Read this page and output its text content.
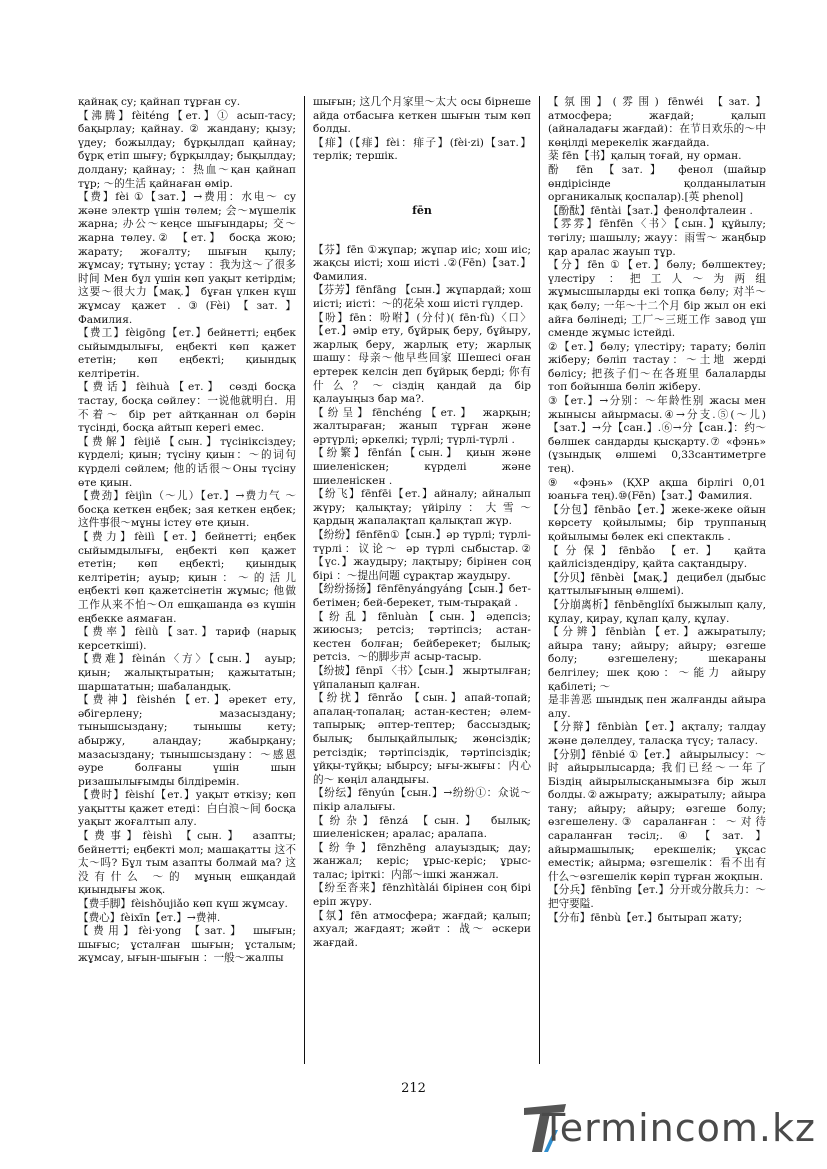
қайнақ су; қайнап тұрған су.

【沸腾】fèiténg【ет.】① асып-тасу; бақырлау; қайнау. ② жандану; қызу; үдеу; божылдау; бұрқылдап қайнау; бұрқ етіп шығу; бұрқылдау; бықылдау; долдану; қайнау; ：热血～қан қайнап тұр; ～的生活 қайнаған өмір.

【费】fèi ①【зат.】→费用：水电～ су және электр үшін төлем; 会～мүшелік жарна; 办公～кеңсе шығындары; 交～жарна төлеу.② 【ет.】 босқа жою; жарату; жоғалту; шығын қылу; жұмсау; тұтыну; ұстау ：我为这～了很多时间 Мен бұл үшін көп уақыт кетірдім; 这要～很大力【мақ.】 бұған үлкен күш жұмсау қажет .③(Fèi)【зат.】Фамилия.

【费工】fèigōng【ет.】бейнетті; еңбек сыйымдылығы, еңбекті көп қажет ететін; көп еңбекті; қиындық келтіретін.

【费话】fèihuà【ет.】 сөзді босқа тастау, босқа сөйлеу：一说他就明白．用不着～ бір рет айтқаннан ол бәрін түсінді, босқа айтып керегі емес.

【费解】fèijiě【сын.】түсініксіздеу; күрделі; қиын; түсіну қиын：～的词句 күрделі сөйлем; 他的话很～Оны түсіну өте қиын.

【费劲】fèijìn（～儿）【ет.】→费力气 ～босқа кеткен еңбек; зая кеткен еңбек; 这件事很～мұны істеу өте қиын.

【费力】fèilì【ет.】бейнетті; еңбек сыйымдылығы, еңбекті көп қажет ететін; көп еңбекті; қиындық келтіретін; ауыр; қиын：～的活儿 еңбекті көп қажетсінетін жұмыс; 他做工作从来不怕～Ол ешқашанда өз күшін еңбекке аямаған.

【费率】fèilǜ【зат.】тариф (нарық керсеткіші).

【费难】fèinán〈方〉【сын.】 ауыр; қиын; жалықтыратын; қажытатын; шаршататын; шабаландық.

【费神】fèishén【ет.】әрекет ету, әбігерлену; мазасыздану; тынышсыздану; тынышы кету; абыржу, алаңдау; жабырқану; мазасыздану; тынышсыздану：～感恩 әуре болғаны үшін шын ризашылығымды білдіремін.

【费时】fèishí【ет.】уақыт өткізу; көп уақытты қажет етеді：白白浪～间 босқа уақыт жоғалтып алу.

【费事】fèishì 【сын.】 азапты; бейнетті; еңбекті мол; машақатты 这不太～吗? Бұл тым азапты болмай ма? 这没有什么 ～的 мұның ешқандай қиындығы жоқ.

【费手脚】fèishǒujiǎo көп күш жұмсау.

【费心】fèixīn【ет.】→费神.

【费用】fèi·yong 【зат.】 шығын; шығыс; ұсталған шығын; ұсталым; жұмсау, ығын-шығын ：一般～жалпы

шығын; 这几个月家里～太大 осы бірнеше айда отбасыға кеткен шығын тым көп болды.

【痱】(【痱】fèi：痱子】(fèi·zi)【зат.】 терлік; тершік.

fēn

【芬】fēn ①жұпар; жұпар иіс; хош иіс; жақсы иісті; хош иісті .②(Fēn)【зат.】Фамилия.

【芬芳】fēnfāng 【сын.】жұпардай; хош иісті; иісті：～的花朵 хош иісті гүлдер.

【吩】fēn：吩咐】(分付)( fēn·fù)〈口〉【ет.】әмір ету, бұйрық беру, бұйыру, жарлық беру, жарлық ету; жарлық шашу：母亲～他早些回家 Шешесі оған ертерек келсін деп бұйрық берді; 你有什么？～сіздің қандай да бір қалауыңыз бар ма?.

【纷呈】fēnchéng【ет.】 жарқын; жалтыраған; жанып тұрған және әртүрлі; әркелкі; түрлі; түрлі-түрлі .

【纷繁】fēnfán【сын.】 қиын және шиеленіскен; күрделі және шиеленіскен .

【纷飞】fēnfēi【ет.】айналу; айналып жүру; қалықтау; үйірілу：大雪～ қардың жапалақтап қалықтап жүр.

【纷纷】fēnfēn①【сын.】әр түрлі; түрлі-түрлі：议论～ әр түрлі сыбыстар.②【үс.】жаудыру; лақтыру; бірінен соң бірі ：～提出问题 сұрақтар жаудыру.

【纷纷扬扬】fēnfēnyángyáng【сын.】бет-бетімен; бей-берекет, тым-тырақай .

【纷乱】fēnluàn【сын.】әдепсіз; жиюсыз; ретсіз; тәртіпсіз; астан-кестен болған; бейберекет; былық; ретсіз．～的脚步声 асыр-тасыр.

【纷披】fēnpī 〈书〉【сын.】 жыртылған; үйпаланып қалған.

【纷扰】fēnrǎo 【сын.】апай-топай; апалаң-топалаң; астан-кестен; әлем-тапырық; әптер-тептер; бассыздық; былық; былықайлылық; жөнсіздік; ретсіздік; тәртіпсіздік, тәртіпсіздік; ұйқы-тұйқы; ыбырсу; ығы-жығы：内心的～ көңіл алаңдығы.

【纷纭】fēnyún【сын.】→纷纷①：众说～пікір алалығы.

【纷杂】fēnzá 【сын.】 былық; шиеленіскен; аралас; аралапа.

【纷争】fēnzhēng алауыздық; дау; жанжал; керіс; ұрыс-керіс; ұрыс-талас; іріткі：内部～ішкі жанжал.

【纷至沓来】fēnzhìtàlái бірінен соң бірі еріп жүру.

【氛】fēn атмосфера; жағдай; қалып; ахуал; жағдаят; жәйт ：战～ әскери жағдай.

【氛围】(雰围) fēnwéi 【зат.】 атмосфера; жағдай; қалып (айналадағы жағдай)：在节日欢乐的～中 көңілді мерекелік жағдайда.

棻 fēn【书】қалың тоғай, ну орман.

酚 fēn 【зат.】 фенол (шайыр өндірісінде қолданылатын органикалық қоспалар).[英 phenol]

【酚酞】fēntài【зат.】фенолфталеин .

【雰雰】fēnfēn〈书〉【сын.】құйылу; төгілу; шашылу; жауу：雨雪～ жаңбыр қар аралас жауып тұр.

【分】fēn ①【ет.】бөлу; бөлшектеу; үлестіру ：把工人～为两组 жұмысшыларды екі топқа бөлу; 对半～қақ бөлу; 一年～十二个月 бір жыл он екі айға бөлінеді; 工厂～三班工作 завод үш сменде жұмыс істейді.

②【ет.】бөлу; үлестіру; тарату; бөліп жіберу; бөліп тастау：～土地 жерді бөлісу; 把孩子们～在各班里 балаларды топ бойынша бөліп жіберу.

③【ет.】→分别：～年龄性别 жасы мен жынысы айырмасы.④→分支.⑤(～儿)【зат.】→分【сан.】.⑥→分【сан.】：约～ бөлшек сандарды қысқарту.⑦ «фэнь» (ұзындық өлшемі 0,33сантиметрге тең).

⑨ «фэнь» (ҚХР ақша бірлігі 0,01 юаньға тең).⑩(Fēn)【зат.】Фамилия.

【分包】fēnbāo【ет.】жеке-жеке ойын көрсету қойылымы; бір труппаның қойылымы бөлек екі спектакль .

【分保】fēnbǎo 【ет.】 қайта қайлісіздендіру, қайта сақтандыру.

【分贝】fēnbèi 【мақ.】 децибел (дыбыс қаттылығының өлшемі).

【分崩离析】fēnbēnglíxī быжылып қалу, құлау, қирау, құлап қалу, құлау.

【分辨】fēnbiàn【ет.】ажыратылу; айыра тану; айыру; айыру; өзгеше болу; өзгешелену; шекараны белгілеу; шек қою：～能力 айыру қабілеті; ～

是非善恶 шындық пен жалғанды айыра алу.

【分辩】fēnbiàn【ет.】ақталу; талдау және дәлелдеу, таласқа түсу; таласу.

【分别】fēnbié ①【ет.】 айырылысу：～时 айырылысарда; 我们已经～一年了 Біздің айырылысқанымызға бір жыл болды.②ажырату; ажыратылу; айыра тану; айыру; айыру; өзгеше болу; өзгешелену.③ сараланған：～对待 сараланған тәсіл;. ④【зат.】 айырмашылық; ерекшелік; ұқсас еместік; айырма; өзгешелік：看不出有什么～өзгешелік көріп тұрған жоқпын.

【分兵】fēnbīng【ет.】分开或分散兵力：～把守要隘.

【分布】fēnbù【ет.】бытырап жату;

212
Termincom.kz
